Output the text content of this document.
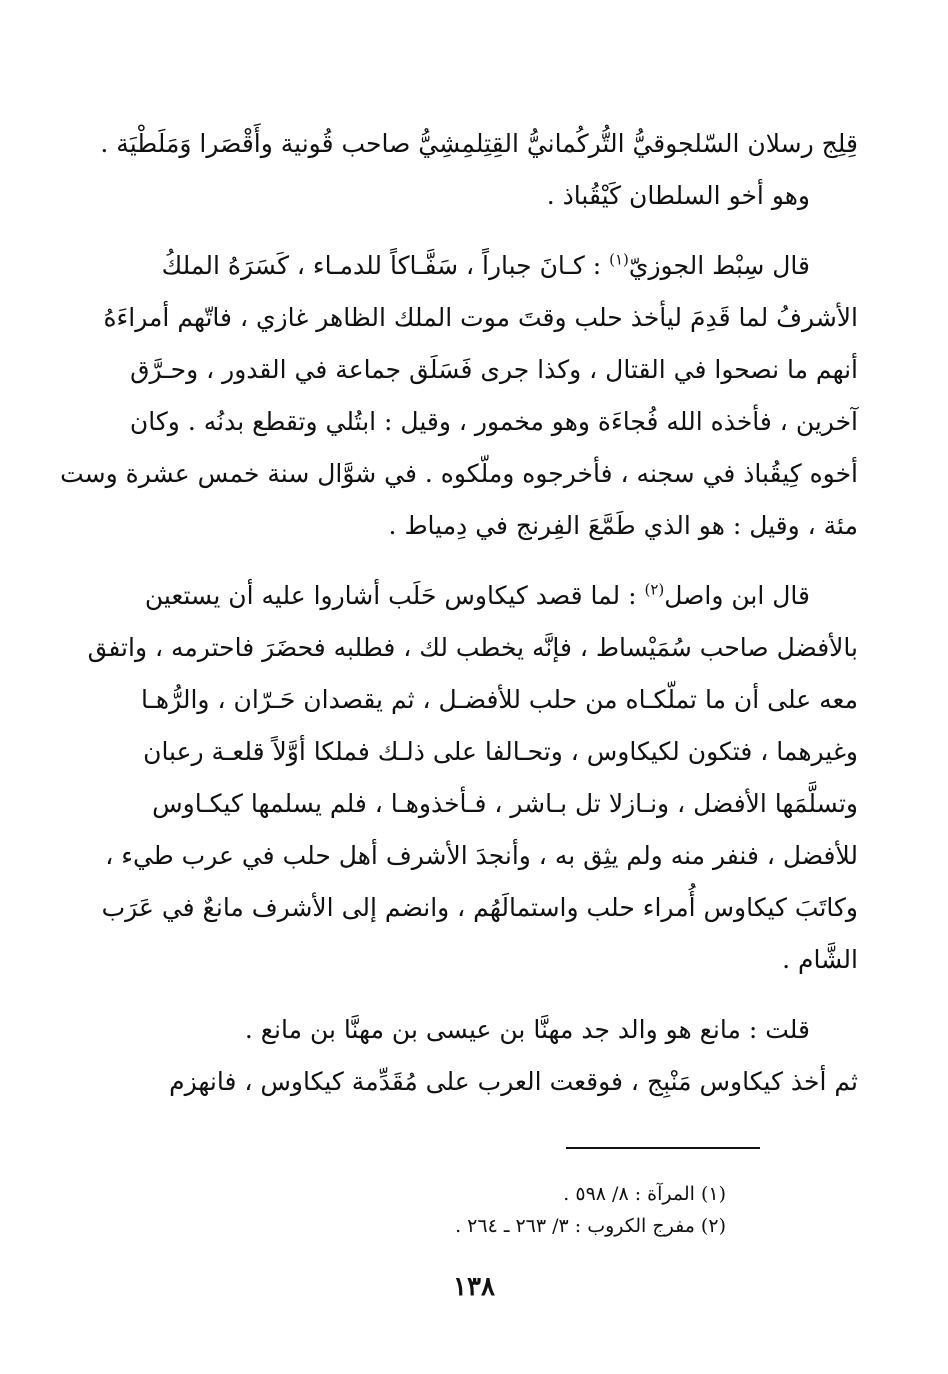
قِلِج رسلان السّلجوقيُّ التُّركُمانيُّ القِتِلمِشِيُّ صاحب قُونية وأَقْصَرا وَمَلَطْيَة .

وهو أخو السلطان كَيْقُباذ .

قال سِبْط الجوزيّ$^{(١)}$ : كـانَ جباراً ، سَفَّـاكاً للدمـاء ، كَسَرَهُ الملكُ
الأشرفُ لما قَدِمَ ليأخذ حلب وقتَ موت الملك الظاهر غازي ، فاتّهم أمراءَهُ
أنهم ما نصحوا في القتال ، وكذا جرى فَسَلَق جماعة في القدور ، وحـرَّق
آخرين ، فأخذه الله فُجاءَة وهو مخمور ، وقيل : ابتُلي وتقطع بدنُه . وكان
أخوه كِيقُباذ في سجنه ، فأخرجوه وملّكوه . في شوَّال سنة خمس عشرة وست
مئة ، وقيل : هو الذي طَمَّعَ الفِرنج في دِمياط .

قال ابن واصل$^{(٢)}$ : لما قصد كيكاوس حَلَب أشاروا عليه أن يستعين
بالأفضل صاحب سُمَيْساط ، فإنَّه يخطب لك ، فطلبه فحضَرَ فاحترمه ، واتفق
معه على أن ما تملّكـاه من حلب للأفضـل ، ثم يقصدان حَـرّان ، والرُّهـا
وغيرهما ، فتكون لكيكاوس ، وتحـالفا على ذلـك فملكا أوَّلاً قلعـة رعبان
وتسلَّمَها الأفضل ، ونـازلا تل بـاشر ، فـأخذوهـا ، فلم يسلمها كيكـاوس
للأفضل ، فنفر منه ولم يثِق به ، وأنجدَ الأشرف أهل حلب في عرب طيء ،
وكاتَبَ كيكاوس أُمراء حلب واستمالَهُم ، وانضم إلى الأشرف مانعٌ في عَرَب
الشَّام .

قلت : مانع هو والد جد مهنَّا بن عيسى بن مهنَّا بن مانع .

ثم أخذ كيكاوس مَنْبِج ، فوقعت العرب على مُقَدِّمة كيكاوس ، فانهزم

(١) المرآة : ٨/ ٥٩٨ .
(٢) مفرج الكروب : ٣/ ٢٦٣ ـ ٢٦٤ .
١٣٨
